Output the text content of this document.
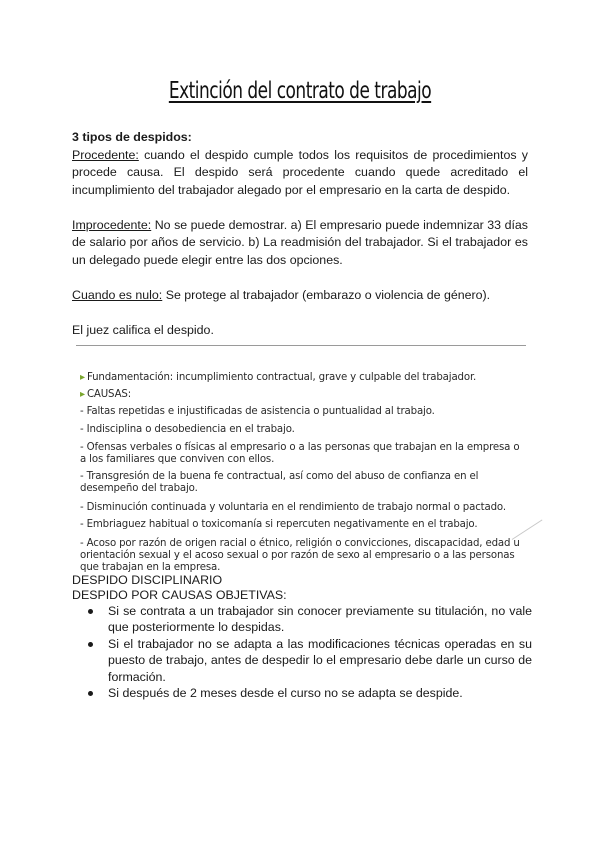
Extinción del contrato de trabajo
3 tipos de despidos:

Procedente: cuando el despido cumple todos los requisitos de procedimientos y procede causa. El despido será procedente cuando quede acreditado el incumplimiento del trabajador alegado por el empresario en la carta de despido.

Improcedente: No se puede demostrar. a) El empresario puede indemnizar 33 días de salario por años de servicio. b) La readmisión del trabajador. Si el trabajador es un delegado puede elegir entre las dos opciones.

Cuando es nulo: Se protege al trabajador (embarazo o violencia de género).

El juez califica el despido.

▸ Fundamentación: incumplimiento contractual, grave y culpable del trabajador.
▸ CAUSAS:
- Faltas repetidas e injustificadas de asistencia o puntualidad al trabajo.
- Indisciplina o desobediencia en el trabajo.
- Ofensas verbales o físicas al empresario o a las personas que trabajan en la empresa o a los familiares que conviven con ellos.
- Transgresión de la buena fe contractual, así como del abuso de confianza en el desempeño del trabajo.
- Disminución continuada y voluntaria en el rendimiento de trabajo normal o pactado.
- Embriaguez habitual o toxicomanía si repercuten negativamente en el trabajo.
- Acoso por razón de origen racial o étnico, religión o convicciones, discapacidad, edad u orientación sexual y el acoso sexual o por razón de sexo al empresario o a las personas que trabajan en la empresa.

DESPIDO DISCIPLINARIO

DESPIDO POR CAUSAS OBJETIVAS:

Si se contrata a un trabajador sin conocer previamente su titulación, no vale que posteriormente lo despidas.
Si el trabajador no se adapta a las modificaciones técnicas operadas en su puesto de trabajo, antes de despedir lo el empresario debe darle un curso de formación.
Si después de 2 meses desde el curso no se adapta se despide.
